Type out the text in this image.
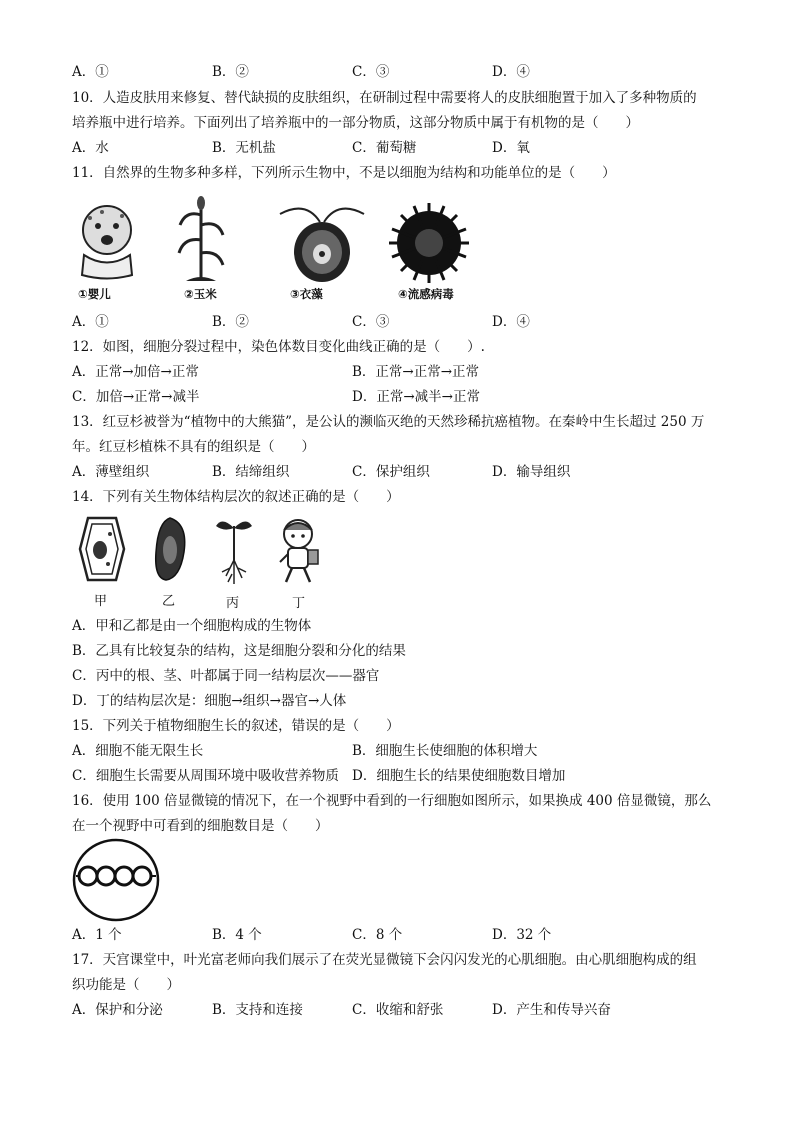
A．①	B．②	C．③	D．④
10．人造皮肤用来修复、替代缺损的皮肤组织，在研制过程中需要将人的皮肤细胞置于加入了多种物质的
培养瓶中进行培养。下面列出了培养瓶中的一部分物质，这部分物质中属于有机物的是（　　）
A．水	B．无机盐	C．葡萄糖	D．氧
11．自然界的生物多种多样，下列所示生物中，不是以细胞为结构和功能单位的是（　　）
①婴儿	②玉米	③衣藻	④流感病毒
A．①	B．②	C．③	D．④
12．如图，细胞分裂过程中，染色体数目变化曲线正确的是（　　）.
A．正常→加倍→正常	B．正常→正常→正常
C．加倍→正常→减半	D．正常→减半→正常
13．红豆杉被誉为“植物中的大熊猫”，是公认的濒临灭绝的天然珍稀抗癌植物。在秦岭中生长超过 250 万
年。红豆杉植株不具有的组织是（　　）
A．薄壁组织	B．结缔组织	C．保护组织	D．输导组织
14．下列有关生物体结构层次的叙述正确的是（　　）
甲	乙	丙	丁
A．甲和乙都是由一个细胞构成的生物体
B．乙具有比较复杂的结构，这是细胞分裂和分化的结果
C．丙中的根、茎、叶都属于同一结构层次——器官
D．丁的结构层次是：细胞→组织→器官→人体
15．下列关于植物细胞生长的叙述，错误的是（　　）
A．细胞不能无限生长	B．细胞生长使细胞的体积增大
C．细胞生长需要从周围环境中吸收营养物质 D．细胞生长的结果使细胞数目增加
16．使用 100 倍显微镜的情况下，在一个视野中看到的一行细胞如图所示，如果换成 400 倍显微镜，那么
在一个视野中可看到的细胞数目是（　　）
A．1 个	B．4 个	C．8 个	D．32 个
17．天宫课堂中，叶光富老师向我们展示了在荧光显微镜下会闪闪发光的心肌细胞。由心肌细胞构成的组
织功能是（　　）
A．保护和分泌	B．支持和连接	C．收缩和舒张	D．产生和传导兴奋
